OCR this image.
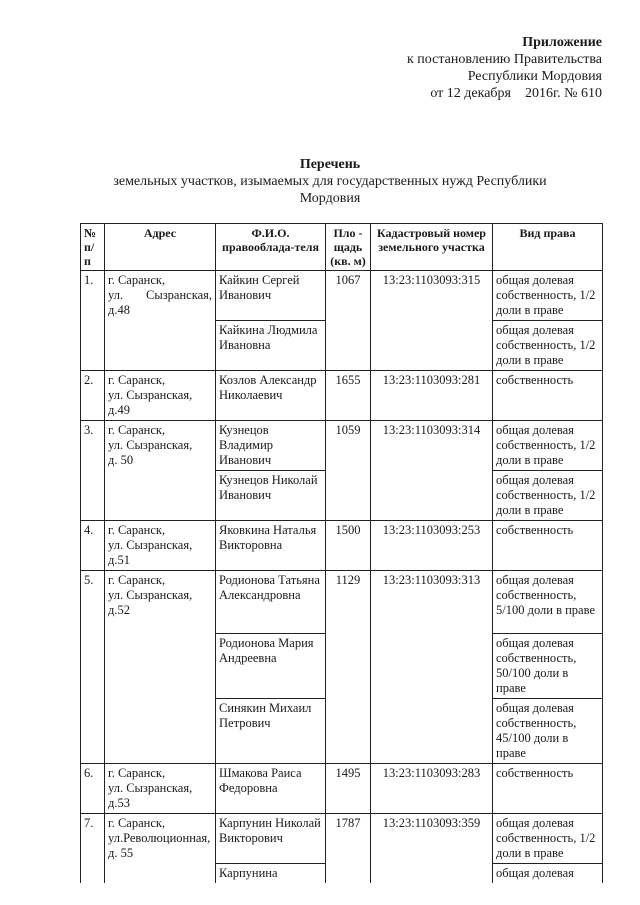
Приложение
к постановлению Правительства
Республики Мордовия
от 12 декабря    2016г. № 610
Перечень
земельных участков, изымаемых для государственных нужд Республики
Мордовия
№ п/п	Адрес	Ф.И.О. правооблада-теля	Пло - щадь (кв. м)	Кадастровый номер земельного участка	Вид права
1.	г. Саранск,
ул. Сызранская,
д.48	Кайкин Сергей Иванович	1067	13:23:1103093:315	общая долевая собственность, 1/2 доли в праве
		Кайкина Людмила Ивановна			общая долевая собственность, 1/2 доли в праве
2.	г. Саранск,
ул. Сызранская,
д.49	Козлов Александр Николаевич	1655	13:23:1103093:281	собственность
3.	г. Саранск,
ул. Сызранская,
д. 50	Кузнецов Владимир Иванович	1059	13:23:1103093:314	общая долевая собственность, 1/2 доли в праве
		Кузнецов Николай Иванович			общая долевая собственность, 1/2 доли в праве
4.	г. Саранск,
ул. Сызранская,
д.51	Яковкина Наталья Викторовна	1500	13:23:1103093:253	собственность
5.	г. Саранск,
ул. Сызранская,
д.52	Родионова Татьяна Александровна	1129	13:23:1103093:313	общая долевая собственность, 5/100 доли в праве
		Родионова Мария Андреевна			общая долевая собственность, 50/100 доли в праве
		Синякин Михаил Петрович			общая долевая собственность, 45/100 доли в праве
6.	г. Саранск,
ул. Сызранская,
д.53	Шмакова Раиса Федоровна	1495	13:23:1103093:283	собственность
7.	г. Саранск,
ул.Революционная,
д. 55	Карпунин Николай Викторович	1787	13:23:1103093:359	общая долевая собственность, 1/2 доли в праве
		Карпунина			общая долевая
